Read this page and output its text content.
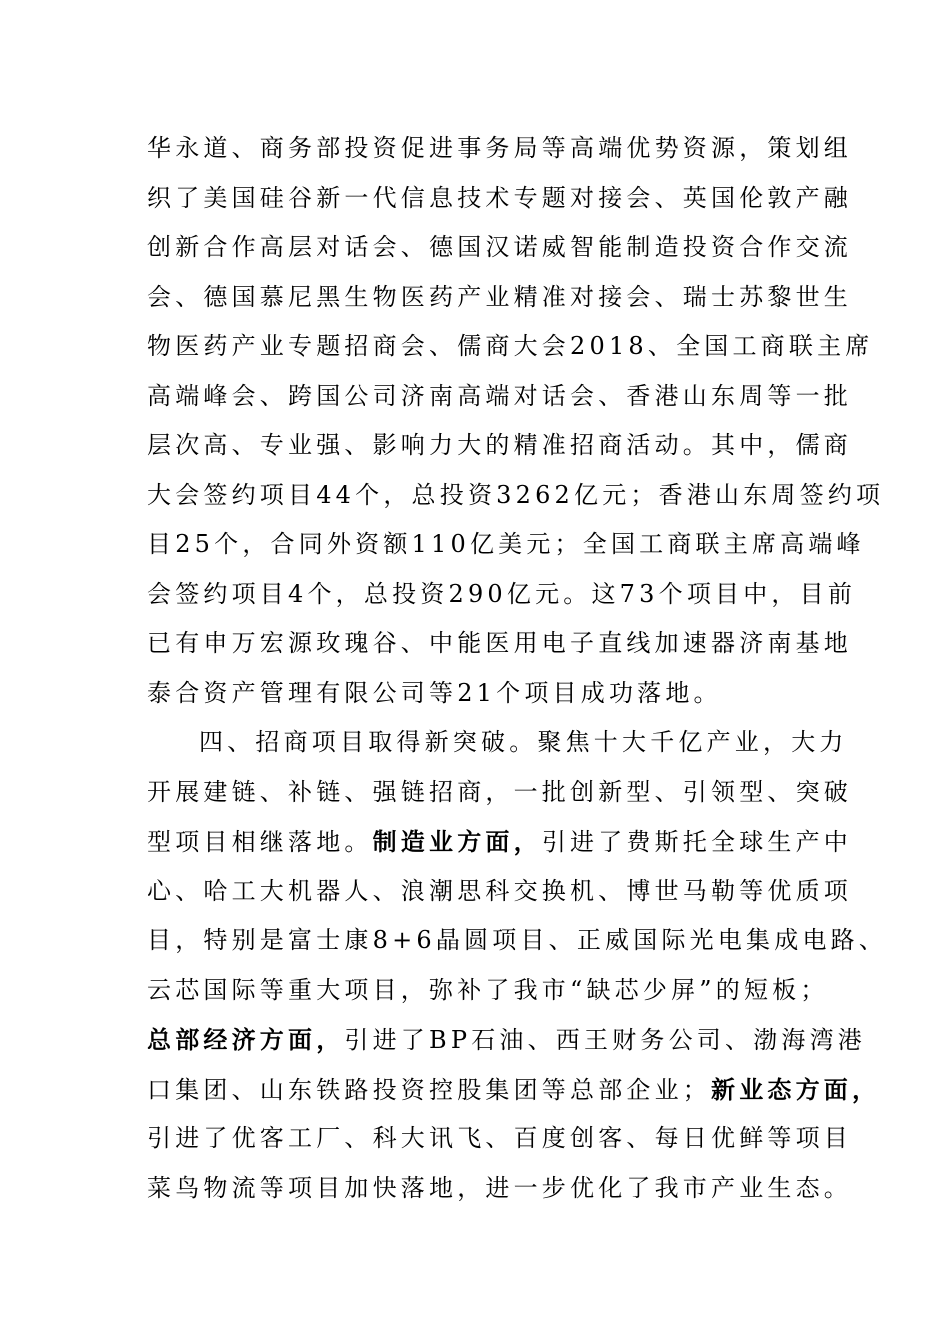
华永道、商务部投资促进事务局等高端优势资源，策划组
织了美国硅谷新一代信息技术专题对接会、英国伦敦产融
创新合作高层对话会、德国汉诺威智能制造投资合作交流
会、德国慕尼黑生物医药产业精准对接会、瑞士苏黎世生
物医药产业专题招商会、儒商大会2018、全国工商联主席
高端峰会、跨国公司济南高端对话会、香港山东周等一批
层次高、专业强、影响力大的精准招商活动。其中，儒商
大会签约项目44个，总投资3262亿元；香港山东周签约项
目25个，合同外资额110亿美元；全国工商联主席高端峰
会签约项目4个，总投资290亿元。这73个项目中，目前
已有申万宏源玫瑰谷、中能医用电子直线加速器济南基地
泰合资产管理有限公司等21个项目成功落地。
四、招商项目取得新突破。聚焦十大千亿产业，大力
开展建链、补链、强链招商，一批创新型、引领型、突破
型项目相继落地。制造业方面，引进了费斯托全球生产中
心、哈工大机器人、浪潮思科交换机、博世马勒等优质项
目，特别是富士康8+6晶圆项目、正威国际光电集成电路、
云芯国际等重大项目，弥补了我市“缺芯少屏”的短板；
总部经济方面，引进了BP石油、西王财务公司、渤海湾港
口集团、山东铁路投资控股集团等总部企业；新业态方面，
引进了优客工厂、科大讯飞、百度创客、每日优鲜等项目
菜鸟物流等项目加快落地，进一步优化了我市产业生态。
